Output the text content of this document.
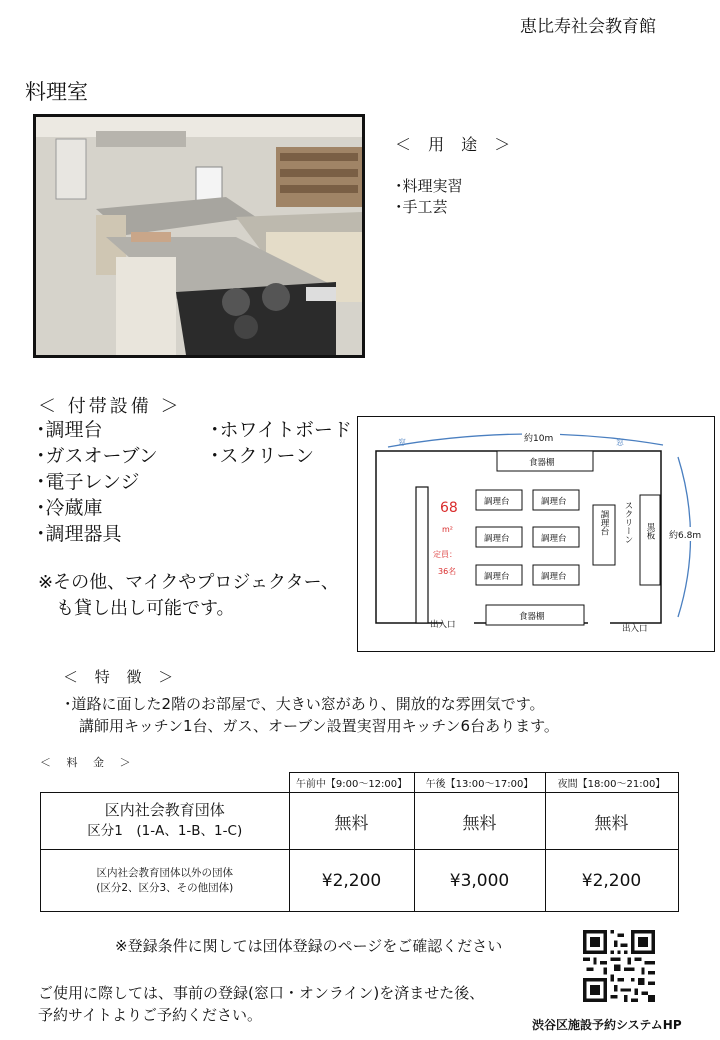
恵比寿社会教育館
料理室
＜ 用 途 ＞
･料理実習
･手工芸
＜ 付帯設備 ＞
･調理台
･ガスオーブン
･電子レンジ
･冷蔵庫
･調理器具
･ホワイトボード
･スクリーン
※その他、マイクやプロジェクター、
　も貸し出し可能です。
窓	窓
約10m
約6.8m
食器棚
食器棚
68
m²
定員：
36名
調理台	調理台
調理台	調理台
調理台	調理台
調理台 スクリーン 黒板
出入口	出入口
＜ 特 徴 ＞
･道路に面した2階のお部屋で、大きい窓があり、開放的な雰囲気です。
　講師用キッチン1台、ガス、オーブン設置実習用キッチン6台あります。
＜ 料 金 ＞
	午前中【9:00～12:00】	午後【13:00～17:00】	夜間【18:00～21:00】

区内社会教育団体
区分1　(1-A、1-B、1-C)	無料	無料	無料

区内社会教育団体以外の団体
(区分2、区分3、その他団体)	¥2,200	¥3,000	¥2,200
※登録条件に関しては団体登録のページをご確認ください
ご使用に際しては、事前の登録(窓口・オンライン)を済ませた後、
予約サイトよりご予約ください。
渋谷区施設予約システムHP
